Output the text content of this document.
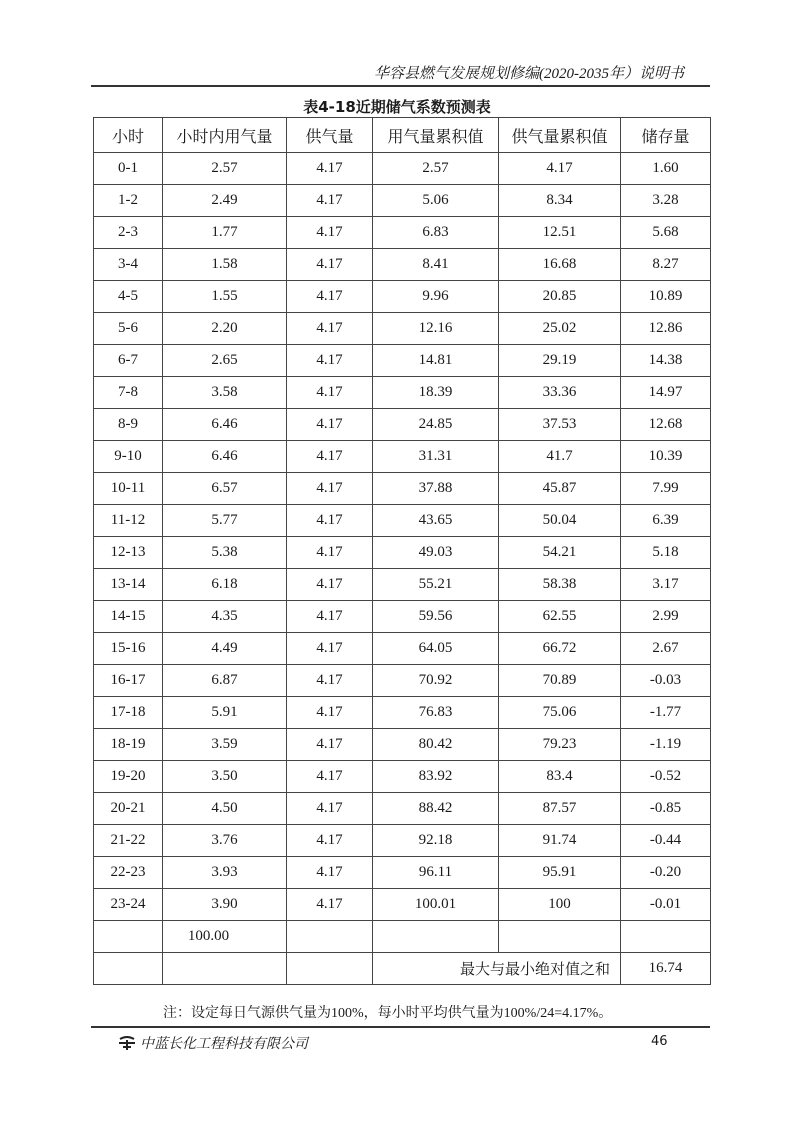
华容县燃气发展规划修编(2020-2035年）说明书
表4-18近期储气系数预测表
小时	小时内用气量	供气量	用气量累积值	供气量累积值	储存量
0-1	2.57	4.17	2.57	4.17	1.60
1-2	2.49	4.17	5.06	8.34	3.28
2-3	1.77	4.17	6.83	12.51	5.68
3-4	1.58	4.17	8.41	16.68	8.27
4-5	1.55	4.17	9.96	20.85	10.89
5-6	2.20	4.17	12.16	25.02	12.86
6-7	2.65	4.17	14.81	29.19	14.38
7-8	3.58	4.17	18.39	33.36	14.97
8-9	6.46	4.17	24.85	37.53	12.68
9-10	6.46	4.17	31.31	41.7	10.39
10-11	6.57	4.17	37.88	45.87	7.99
11-12	5.77	4.17	43.65	50.04	6.39
12-13	5.38	4.17	49.03	54.21	5.18
13-14	6.18	4.17	55.21	58.38	3.17
14-15	4.35	4.17	59.56	62.55	2.99
15-16	4.49	4.17	64.05	66.72	2.67
16-17	6.87	4.17	70.92	70.89	-0.03
17-18	5.91	4.17	76.83	75.06	-1.77
18-19	3.59	4.17	80.42	79.23	-1.19
19-20	3.50	4.17	83.92	83.4	-0.52
20-21	4.50	4.17	88.42	87.57	-0.85
21-22	3.76	4.17	92.18	91.74	-0.44
22-23	3.93	4.17	96.11	95.91	-0.20
23-24	3.90	4.17	100.01	100	-0.01
	100.00				

			最大与最小绝对值之和		16.74
注：设定每日气源供气量为100%，每小时平均供气量为100%/24=4.17%。
中蓝长化工程科技有限公司	46
